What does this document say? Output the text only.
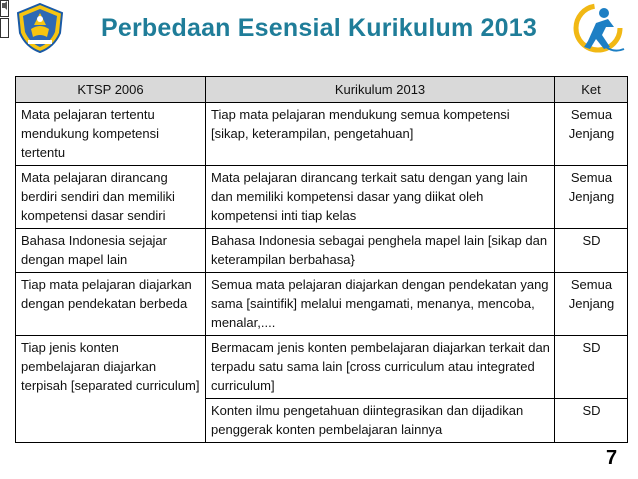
Perbedaan Esensial Kurikulum 2013
KTSP 2006	Kurikulum 2013	Ket
Mata pelajaran tertentu mendukung kompetensi tertentu	Tiap mata pelajaran mendukung semua kompetensi [sikap, keterampilan, pengetahuan]	Semua Jenjang
Mata pelajaran dirancang berdiri sendiri dan memiliki kompetensi dasar sendiri	Mata pelajaran dirancang terkait satu dengan yang lain dan memiliki kompetensi dasar yang diikat oleh kompetensi inti tiap kelas	Semua Jenjang
Bahasa Indonesia sejajar dengan mapel lain	Bahasa Indonesia sebagai penghela mapel lain [sikap dan keterampilan berbahasa}	SD
Tiap mata pelajaran diajarkan dengan pendekatan berbeda	Semua mata pelajaran diajarkan dengan pendekatan yang sama [saintifik] melalui mengamati, menanya, mencoba, menalar,....	Semua Jenjang
Tiap jenis konten pembelajaran diajarkan terpisah [separated curriculum]	Bermacam jenis konten pembelajaran diajarkan terkait dan terpadu satu sama lain [cross curriculum atau integrated curriculum]	SD
	Konten ilmu pengetahuan diintegrasikan dan dijadikan penggerak konten pembelajaran lainnya	SD
7
